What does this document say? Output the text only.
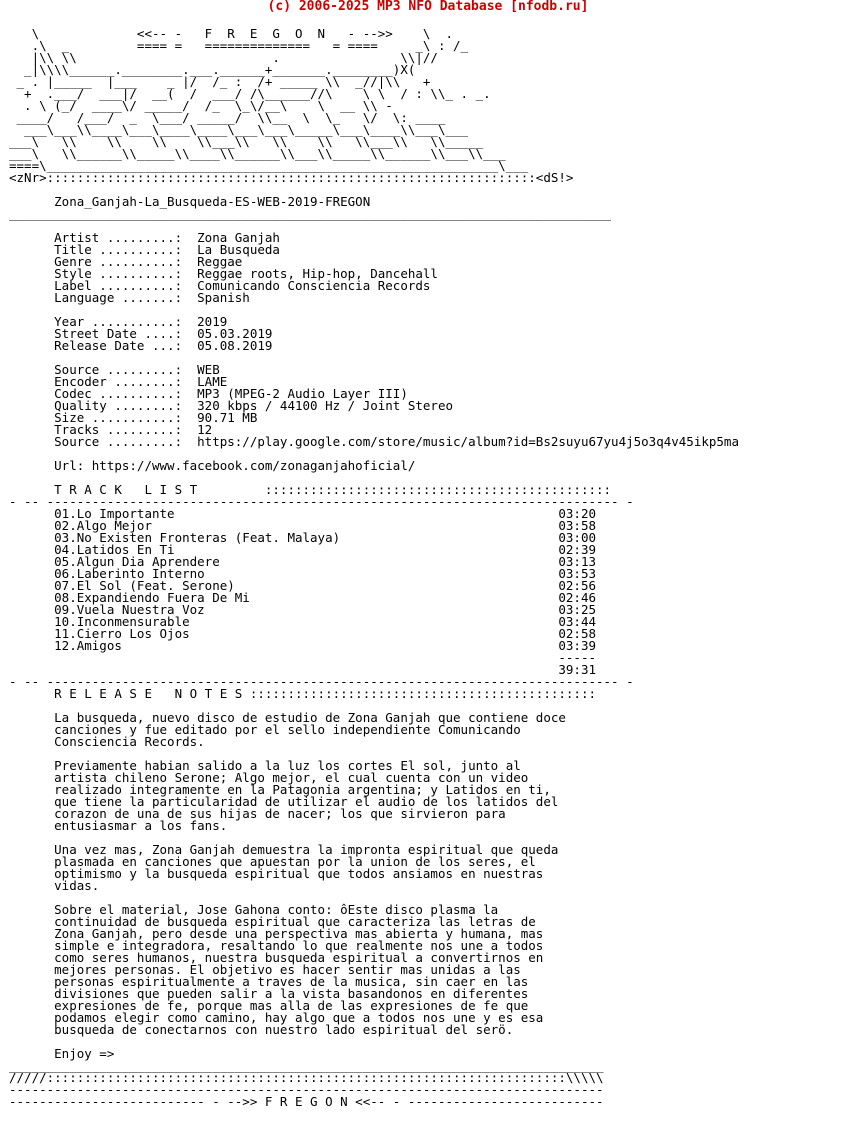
(c) 2006-2025 MP3 NFO Database [nfodb.ru]

\             <<-- -   F  R  E  G  O  N   - -->>    \  .
.\  _         ==== =   ==============   = ====     _\ : /_
|\\ \\                          .                \\|//
_|\\\\______.________.___.______+_______.________)X(
_ . |_____  |___    _ |/  /_ :  /+ _____ \\  _//|\\   +
+  .___/  ___|/  __(  /  ___/ /\______//\    \ \  / : \\_ . _.
. \ (_/  ____\/ _____/  /_  \_\/__\    \  __ \\ -
____/   /___/  _  \___/ _____/  \\__  \  \_   \/  \: ____
___\___\\____\___\____\____\___\___\_____\___\____\\___\___
___\   \\    \\    \\    \\___\\   \\    \\   \\___\\   \\_____
___\   \\______\\_____\\____\\______\\___\\_____\\______\\___\\___
====\____________________________________________________________\___
<zNr>:::::::::::::::::::::::::::::::::::::::::::::::::::::::::::::::::<dS!>

Zona_Ganjah-La_Busqueda-ES-WEB-2019-FREGON
________________________________________________________________________________

Artist .........:  Zona Ganjah
Title ..........:  La Busqueda
Genre ..........:  Reggae
Style ..........:  Reggae roots, Hip-hop, Dancehall
Label ..........:  Comunicando Consciencia Records
Language .......:  Spanish

Year ...........:  2019
Street Date ....:  05.03.2019
Release Date ...:  05.08.2019

Source .........:  WEB
Encoder ........:  LAME
Codec ..........:  MP3 (MPEG-2 Audio Layer III)
Quality ........:  320 kbps / 44100 Hz / Joint Stereo
Size ...........:  90.71 MB
Tracks .........:  12
Source .........:  https://play.google.com/store/music/album?id=Bs2suyu67yu4j5o3q4v45ikp5ma

Url: https://www.facebook.com/zonaganjahoficial/

T R A C K   L I S T         ::::::::::::::::::::::::::::::::::::::::::::::
- -- ---------------------------------------------------------------------------- -
01.Lo Importante                                                   03:20
02.Algo Mejor                                                      03:58
03.No Existen Fronteras (Feat. Malaya)                             03:00
04.Latidos En Ti                                                   02:39
05.Algun Dia Aprendere                                             03:13
06.Laberinto Interno                                               03:53
07.El Sol (Feat. Serone)                                           02:56
08.Expandiendo Fuera De Mi                                         02:46
09.Vuela Nuestra Voz                                               03:25
10.Inconmensurable                                                 03:44
11.Cierro Los Ojos                                                 02:58
12.Amigos                                                          03:39
-----
39:31
- -- ---------------------------------------------------------------------------- -
R E L E A S E   N O T E S ::::::::::::::::::::::::::::::::::::::::::::::

La busqueda, nuevo disco de estudio de Zona Ganjah que contiene doce
canciones y fue editado por el sello independiente Comunicando
Consciencia Records.

Previamente habian salido a la luz los cortes El sol, junto al
artista chileno Serone; Algo mejor, el cual cuenta con un video
realizado integramente en la Patagonia argentina; y Latidos en ti,
que tiene la particularidad de utilizar el audio de los latidos del
corazon de una de sus hijas de nacer; los que sirvieron para
entusiasmar a los fans.

Una vez mas, Zona Ganjah demuestra la impronta espiritual que queda
plasmada en canciones que apuestan por la union de los seres, el
optimismo y la busqueda espiritual que todos ansiamos en nuestras
vidas.

Sobre el material, Jose Gahona conto: ôEste disco plasma la
continuidad de busqueda espiritual que caracteriza las letras de
Zona Ganjah, pero desde una perspectiva mas abierta y humana, mas
simple e integradora, resaltando lo que realmente nos une a todos
como seres humanos, nuestra busqueda espiritual a convertirnos en
mejores personas. El objetivo es hacer sentir mas unidas a las
personas espiritualmente a traves de la musica, sin caer en las
divisiones que pueden salir a la vista basandonos en diferentes
expresiones de fe, porque mas alla de las expresiones de fe que
podamos elegir como camino, hay algo que a todos nos une y es esa
busqueda de conectarnos con nuestro lado espiritual del serö.

Enjoy =>
_______________________________________________________________________________
/////:::::::::::::::::::::::::::::::::::::::::::::::::::::::::::::::::::::\\\\\
-------------------------------------------------------------------------------
-------------------------- - -->> F R E G O N <<-- - --------------------------
